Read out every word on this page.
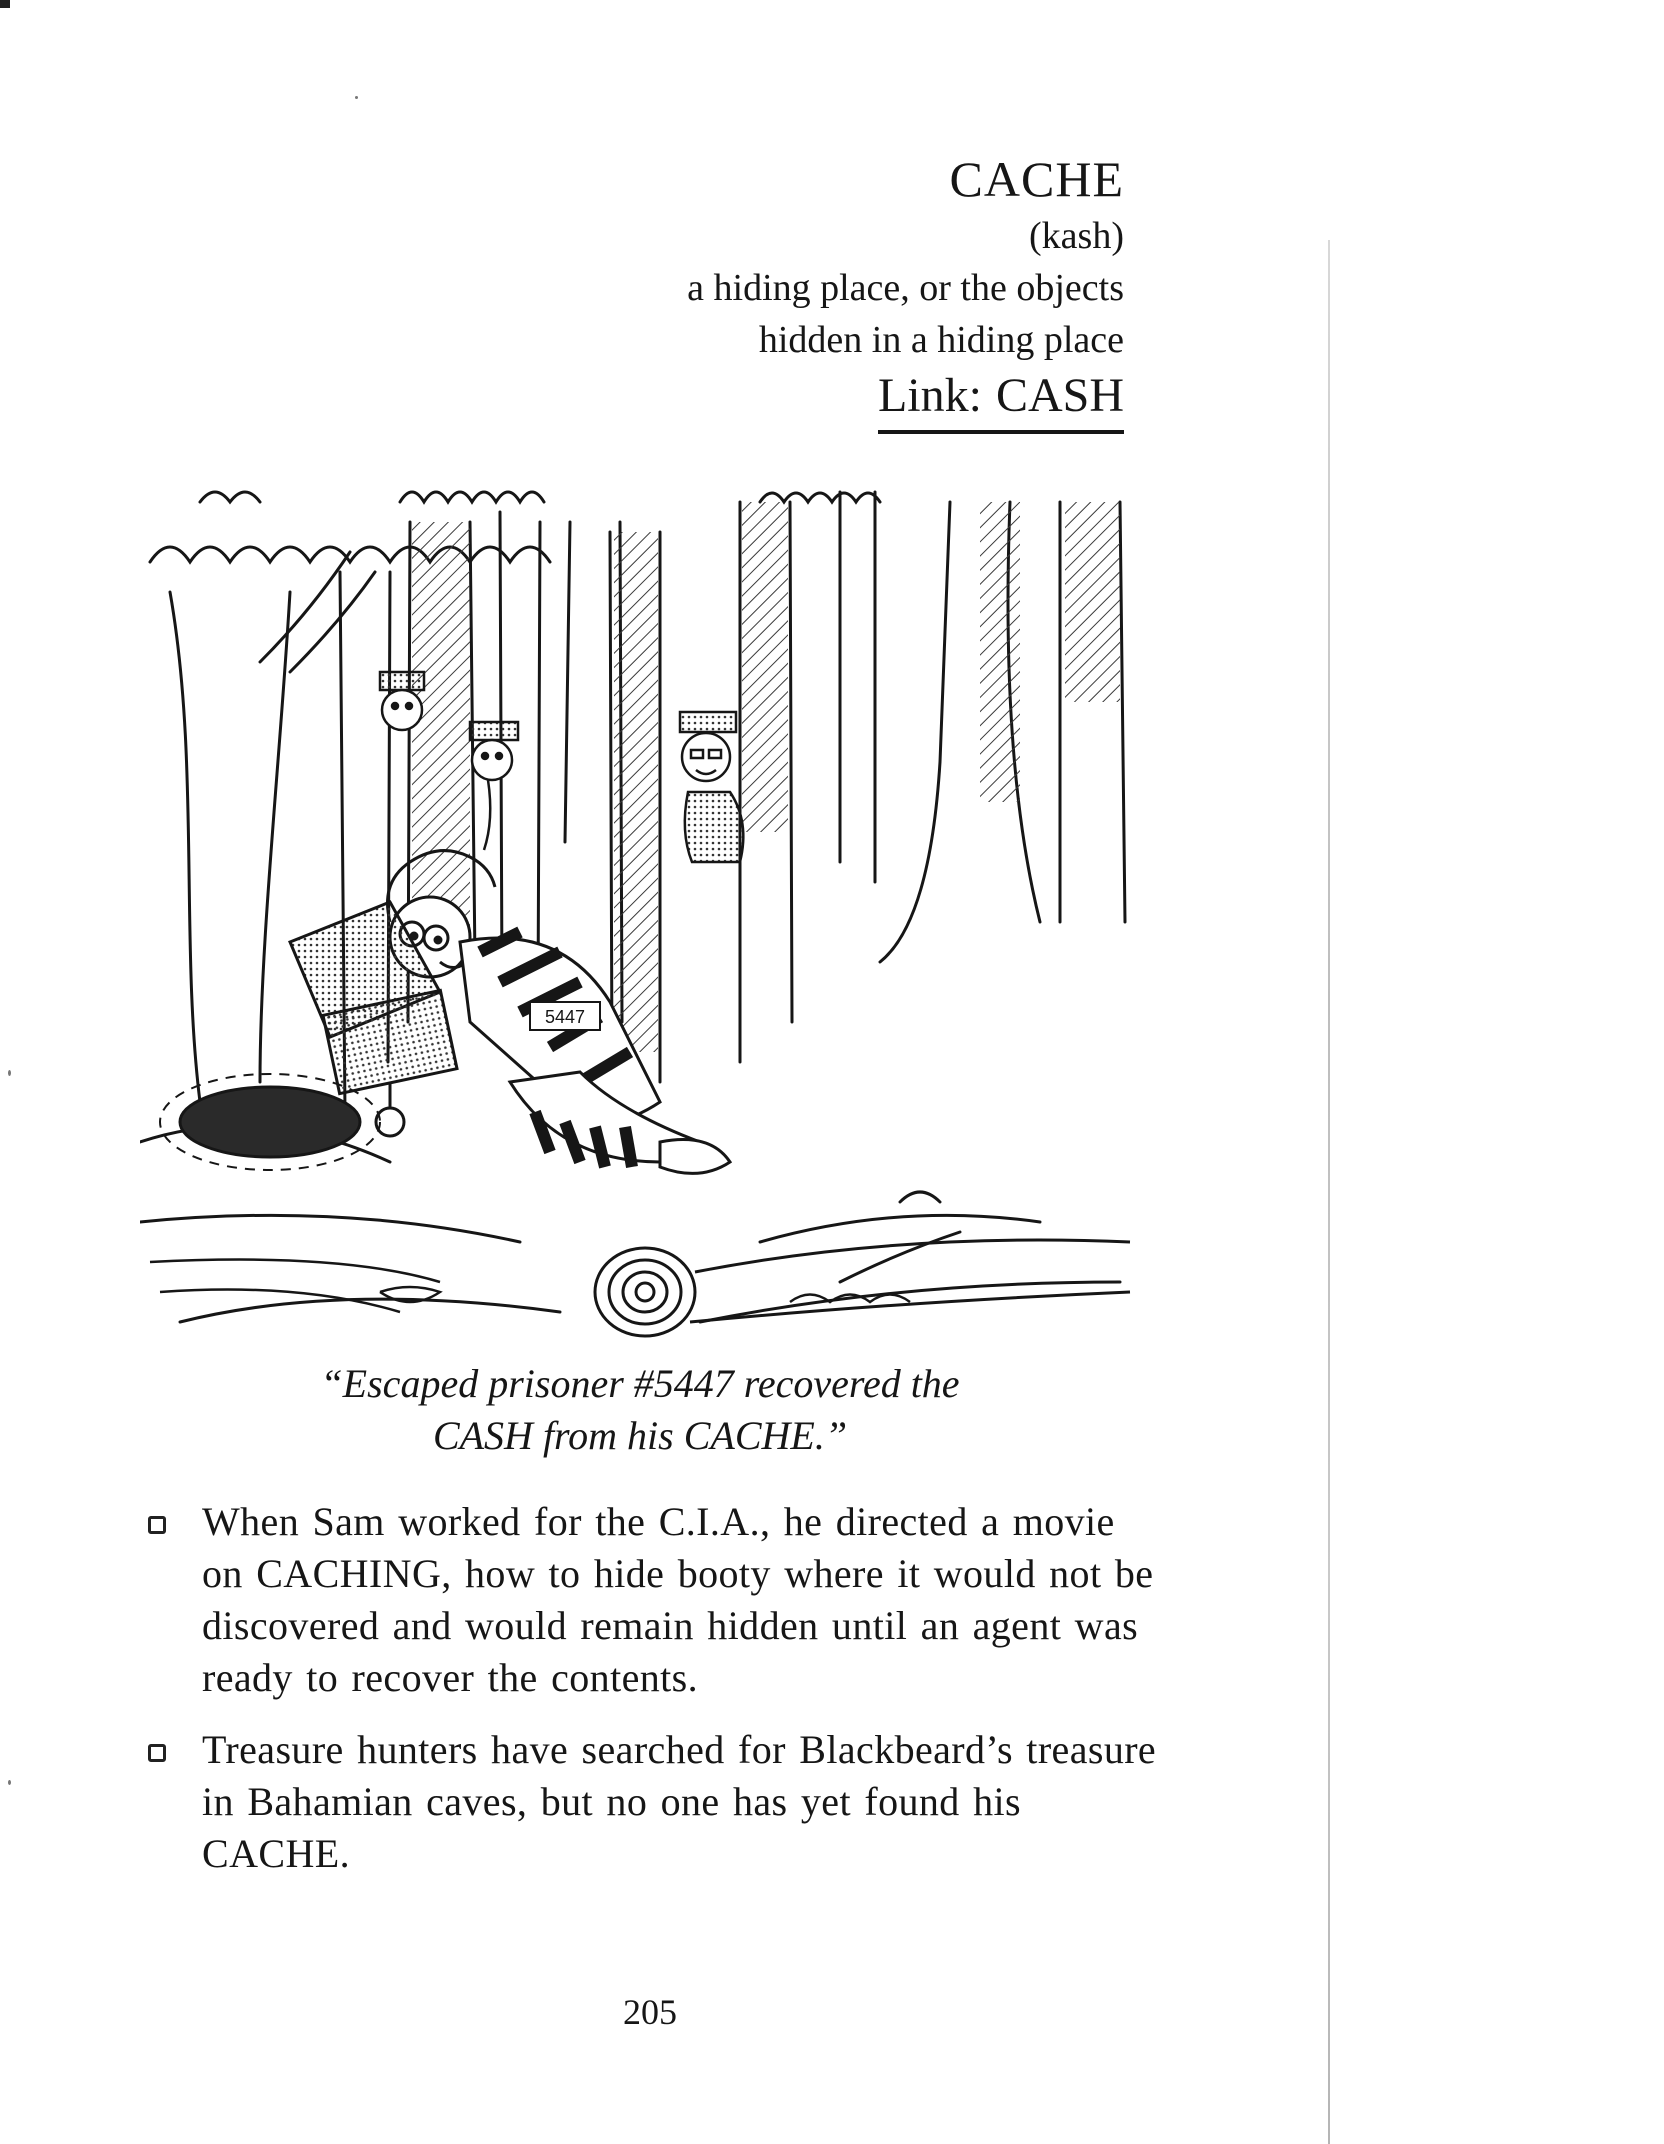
CACHE
(kash)
a hiding place, or the objects
hidden in a hiding place
Link: CASH
5447
“Escaped prisoner #5447 recovered the
CASH from his CACHE.”
When Sam worked for the C.I.A., he directed a movie on CACHING, how to hide booty where it would not be discovered and would remain hidden until an agent was ready to recover the contents.
Treasure hunters have searched for Blackbeard’s treasure in Bahamian caves, but no one has yet found his CACHE.
205
